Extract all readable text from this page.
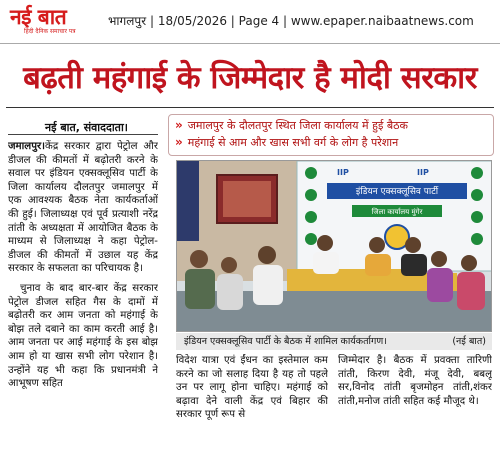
नई बात
हिंदी दैनिक समाचार पत्र
भागलपुर | 18/05/2026 | Page 4 | www.epaper.naibaatnews.com
बढ़ती महंगाई के जिम्मेदार है मोदी सरकार
नई बात, संवाददाता।

जमालपुर।केंद्र सरकार द्वारा पेट्रोल और डीजल की कीमतों में बढ़ोतरी करने के सवाल पर इंडियन एक्सक्लूसिव पार्टी के जिला कार्यालय दौलतपुर जमालपुर में एक आवश्यक बैठक नेता कार्यकर्ताओं की हुई। जिलाध्यक्ष एवं पूर्व प्रत्याशी नरेंद्र तांती के अध्यक्षता में आयोजित बैठक के माध्यम से जिलाध्यक्ष ने कहा पेट्रोल-डीजल की कीमतों में उछाल यह केंद्र सरकार के सफलता का परिचायक है।

चुनाव के बाद बार-बार केंद्र सरकार पेट्रोल डीजल सहित गैस के दामों में बढ़ोतरी कर आम जनता को महंगाई के बोझ तले दबाने का काम करती आई है। आम जनता पर आई महंगाई के इस बोझ आम हो या खास सभी लोग परेशान है। उन्होंने यह भी कहा कि प्रधानमंत्री ने आभूषण सहित

» जमालपुर के दौलतपुर स्थित जिला कार्यालय में हुई बैठक
» महंगाई से आम और खास सभी वर्ग के लोग है परेशान
IIP	IIP
इंडियन एक्सक्लूसिव पार्टी
जिला कार्यालय मुंगेर
इंडियन एक्सक्लूसिव पार्टी के बैठक में शामिल कार्यकर्तागण।	(नई बात)
विदेश यात्रा एवं ईंधन का इस्तेमाल कम करने का जो सलाह दिया है यह तो पहले उन पर लागू होना चाहिए। महंगाई को बढ़ावा देने वाली केंद्र एवं बिहार की सरकार पूर्ण रूप से
जिम्मेदार है। बैठक में प्रवक्ता तारिणी तांती, किरण देवी, मंजू देवी, बबलू सर,विनोद तांती बृजमोहन तांती,शंकर तांती,मनोज तांती सहित कई मौजूद थे।
